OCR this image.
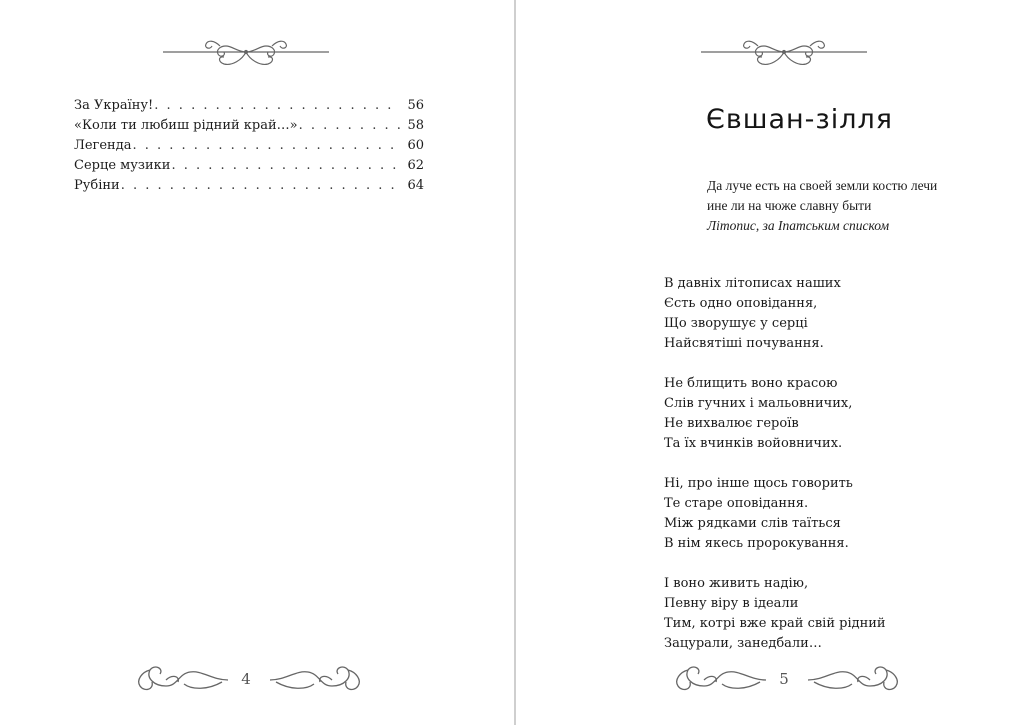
За Україну! . . .	56
«Коли ти любиш рідний край…» . . .	58
Легенда . . .	60
Серце музики . . .	62
Рубіни . . .	64
4
Євшан-зілля
Да луче есть на своей земли костю лечи
ине ли на чюже славну быти
Літопис, за Іпатським списком
В давніх літописах наших
Єсть одно оповідання,
Що зворушує у серці
Найсвятіші почування.
Не блищить воно красою
Слів гучних і мальовничих,
Не вихвалює героїв
Та їх вчинків войовничих.
Ні, про інше щось говорить
Те старе оповідання.
Між рядками слів таїться
В нім якесь пророкування.
І воно живить надію,
Певну віру в ідеали
Тим, котрі вже край свій рідний
Зацурали, занедбали…
5
